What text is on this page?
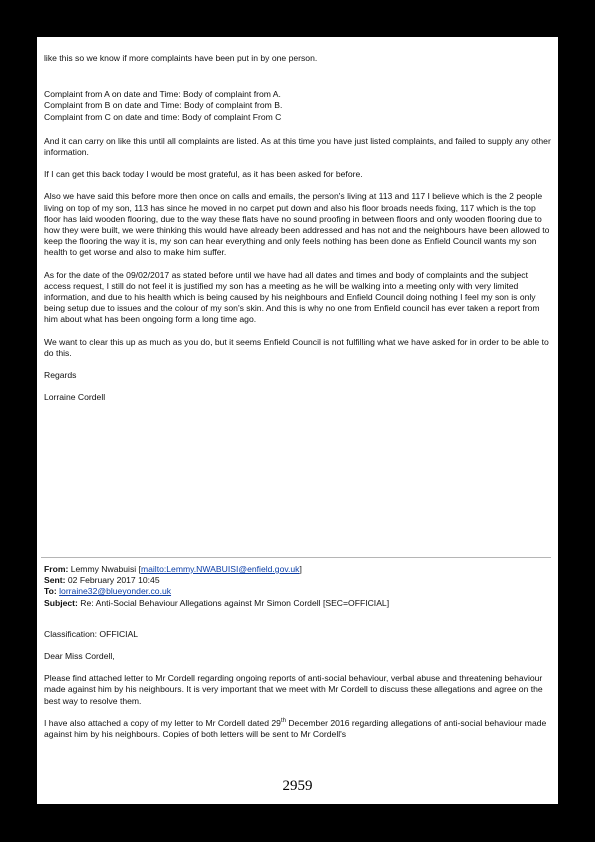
like this so we know if more complaints have been put in by one person.

Complaint from A on date and Time: Body of complaint from A.

Complaint from B on date and Time: Body of complaint from B.

Complaint from C on date and time: Body of complaint From C

And it can carry on like this until all complaints are listed. As at this time you have just listed complaints, and failed to supply any other information.

If I can get this back today I would be most grateful, as it has been asked for before.

Also we have said this before more then once on calls and emails, the person's living at 113 and 117 I believe which is the 2 people living on top of my son, 113 has since he moved in no carpet put down and also his floor broads needs fixing, 117 which is the top floor has laid wooden flooring, due to the way these flats have no sound proofing in between floors and only wooden flooring due to how they were built, we were thinking this would have already been addressed and has not and the neighbours have been allowed to keep the flooring the way it is, my son can hear everything and only feels nothing has been done as Enfield Council wants my son health to get worse and also to make him suffer.

As for the date of the 09/02/2017 as stated before until we have had all dates and times and body of complaints and the subject access request, I still do not feel it is justified my son has a meeting as he will be walking into a meeting only with very limited information, and due to his health which is being caused by his neighbours and Enfield Council doing nothing I feel my son is only being setup due to issues and the colour of my son's skin. And this is why no one from Enfield council has ever taken a report from him about what has been ongoing form a long time ago.

We want to clear this up as much as you do, but it seems Enfield Council is not fulfilling what we have asked for in order to be able to do this.

Regards

Lorraine Cordell

From: Lemmy Nwabuisi [mailto:Lemmy.NWABUISI@enfield.gov.uk]
Sent: 02 February 2017 10:45
To: lorraine32@blueyonder.co.uk
Subject: Re: Anti-Social Behaviour Allegations against Mr Simon Cordell [SEC=OFFICIAL]

Classification: OFFICIAL

Dear Miss Cordell,

Please find attached letter to Mr Cordell regarding ongoing reports of anti-social behaviour, verbal abuse and threatening behaviour made against him by his neighbours. It is very important that we meet with Mr Cordell to discuss these allegations and agree on the best way to resolve them.

I have also attached a copy of my letter to Mr Cordell dated 29th December 2016 regarding allegations of anti-social behaviour made against him by his neighbours. Copies of both letters will be sent to Mr Cordell's

2959
